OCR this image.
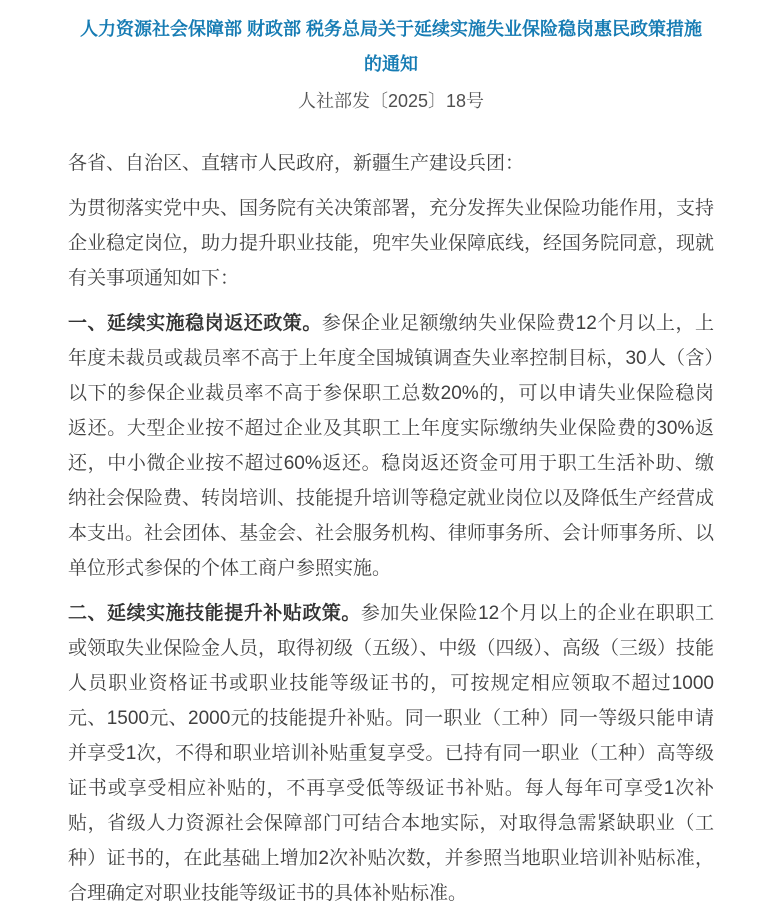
人力资源社会保障部 财政部 税务总局关于延续实施失业保险稳岗惠民政策措施的通知
人社部发〔2025〕18号

各省、自治区、直辖市人民政府，新疆生产建设兵团：

为贯彻落实党中央、国务院有关决策部署，充分发挥失业保险功能作用，支持企业稳定岗位，助力提升职业技能，兜牢失业保障底线，经国务院同意，现就有关事项通知如下：

一、延续实施稳岗返还政策。参保企业足额缴纳失业保险费12个月以上，上年度未裁员或裁员率不高于上年度全国城镇调查失业率控制目标，30人（含）以下的参保企业裁员率不高于参保职工总数20%的，可以申请失业保险稳岗返还。大型企业按不超过企业及其职工上年度实际缴纳失业保险费的30%返还，中小微企业按不超过60%返还。稳岗返还资金可用于职工生活补助、缴纳社会保险费、转岗培训、技能提升培训等稳定就业岗位以及降低生产经营成本支出。社会团体、基金会、社会服务机构、律师事务所、会计师事务所、以单位形式参保的个体工商户参照实施。

二、延续实施技能提升补贴政策。参加失业保险12个月以上的企业在职职工或领取失业保险金人员，取得初级（五级）、中级（四级）、高级（三级）技能人员职业资格证书或职业技能等级证书的，可按规定相应领取不超过1000元、1500元、2000元的技能提升补贴。同一职业（工种）同一等级只能申请并享受1次，不得和职业培训补贴重复享受。已持有同一职业（工种）高等级证书或享受相应补贴的，不再享受低等级证书补贴。每人每年可享受1次补贴，省级人力资源社会保障部门可结合本地实际，对取得急需紧缺职业（工种）证书的，在此基础上增加2次补贴次数，并参照当地职业培训补贴标准，合理确定对职业技能等级证书的具体补贴标准。
